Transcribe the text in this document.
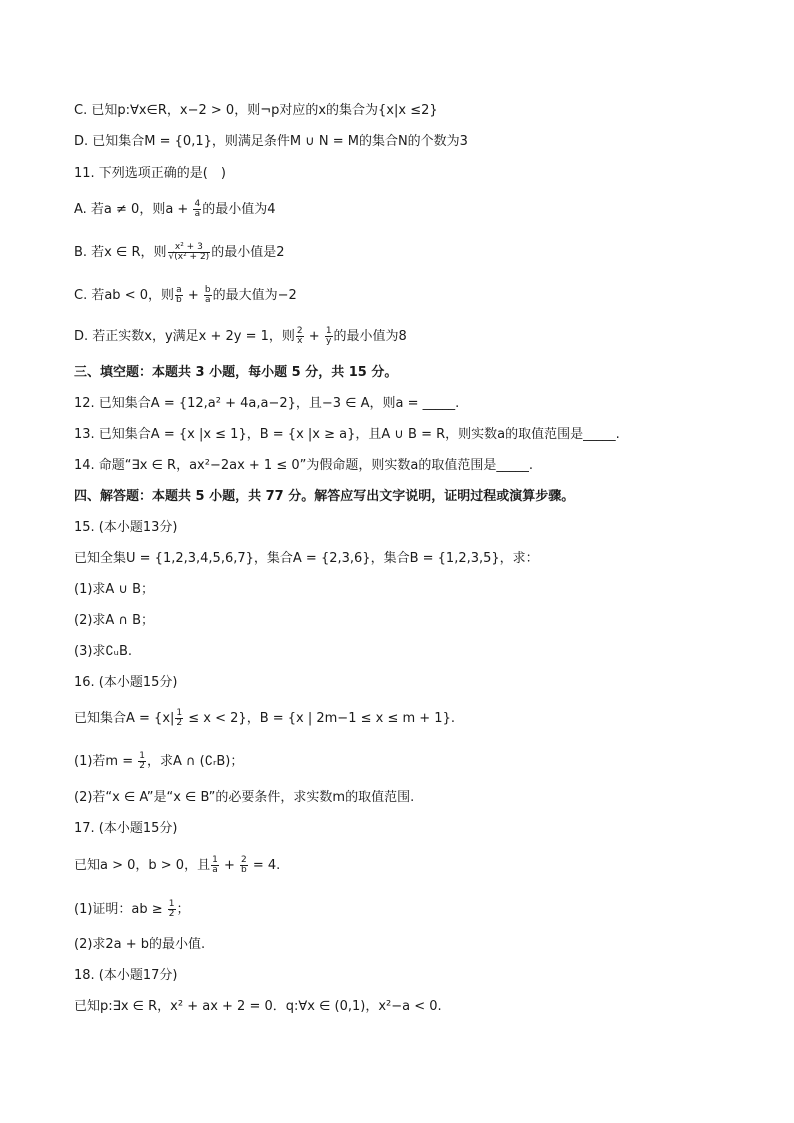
C. 已知p:∀x∈R，x−2 > 0，则¬p对应的x的集合为{x|x ≤2}
D. 已知集合M = {0,1}，则满足条件M ∪ N = M的集合N的个数为3
11. 下列选项正确的是(　)
A. 若a ≠ 0，则$a + \frac{4}{a}$ 的最小值为4
B. 若x ∈ R，则 $\frac{\text{x² + 3}}{\text{√(x² + 2)}}$ 的最小值是2
C. 若ab < 0，则 $\frac{a}{b} + \frac{b}{a}$ 的最大值为−2
D. 若正实数x，y满足x + 2y = 1，则 $\frac{2}{x} + \frac{1}{y}$ 的最小值为8
三、填空题：本题共 3 小题，每小题 5 分，共 15 分。
12. 已知集合A = {12,a² + 4a,a−2}，且−3 ∈ A，则a = _____.
13. 已知集合A = {x |x ≤ 1}，B = {x |x ≥ a}，且A ∪ B = R，则实数a的取值范围是_____.
14. 命题“∃x ∈ R，ax²−2ax + 1 ≤ 0”为假命题，则实数a的取值范围是_____.
四、解答题：本题共 5 小题，共 77 分。解答应写出文字说明，证明过程或演算步骤。
15. (本小题13分)
已知全集U = {1,2,3,4,5,6,7}，集合A = {2,3,6}，集合B = {1,2,3,5}，求：
(1)求A ∪ B；
(2)求A ∩ B；
(3)求∁ᵤB.
16. (本小题15分)
已知集合$A = \{x| \frac{1}{2} \le x < 2\}$，B = {x | 2m−1 ≤ x ≤ m + 1}.
(1)若$m = \frac{1}{2}$ ，求A ∩ (∁ᵣB)；
(2)若“x ∈ A”是“x ∈ B”的必要条件，求实数m的取值范围.
17. (本小题15分)
已知a > 0，b > 0，且 $\frac{1}{a} + \frac{2}{b} = 4$.
(1)证明：ab ≥ $\frac{1}{2}$ ；
(2)求2a + b的最小值.
18. (本小题17分)
已知p:∃x ∈ R，x² + ax + 2 = 0．q:∀x ∈ (0,1)，x²−a < 0.
